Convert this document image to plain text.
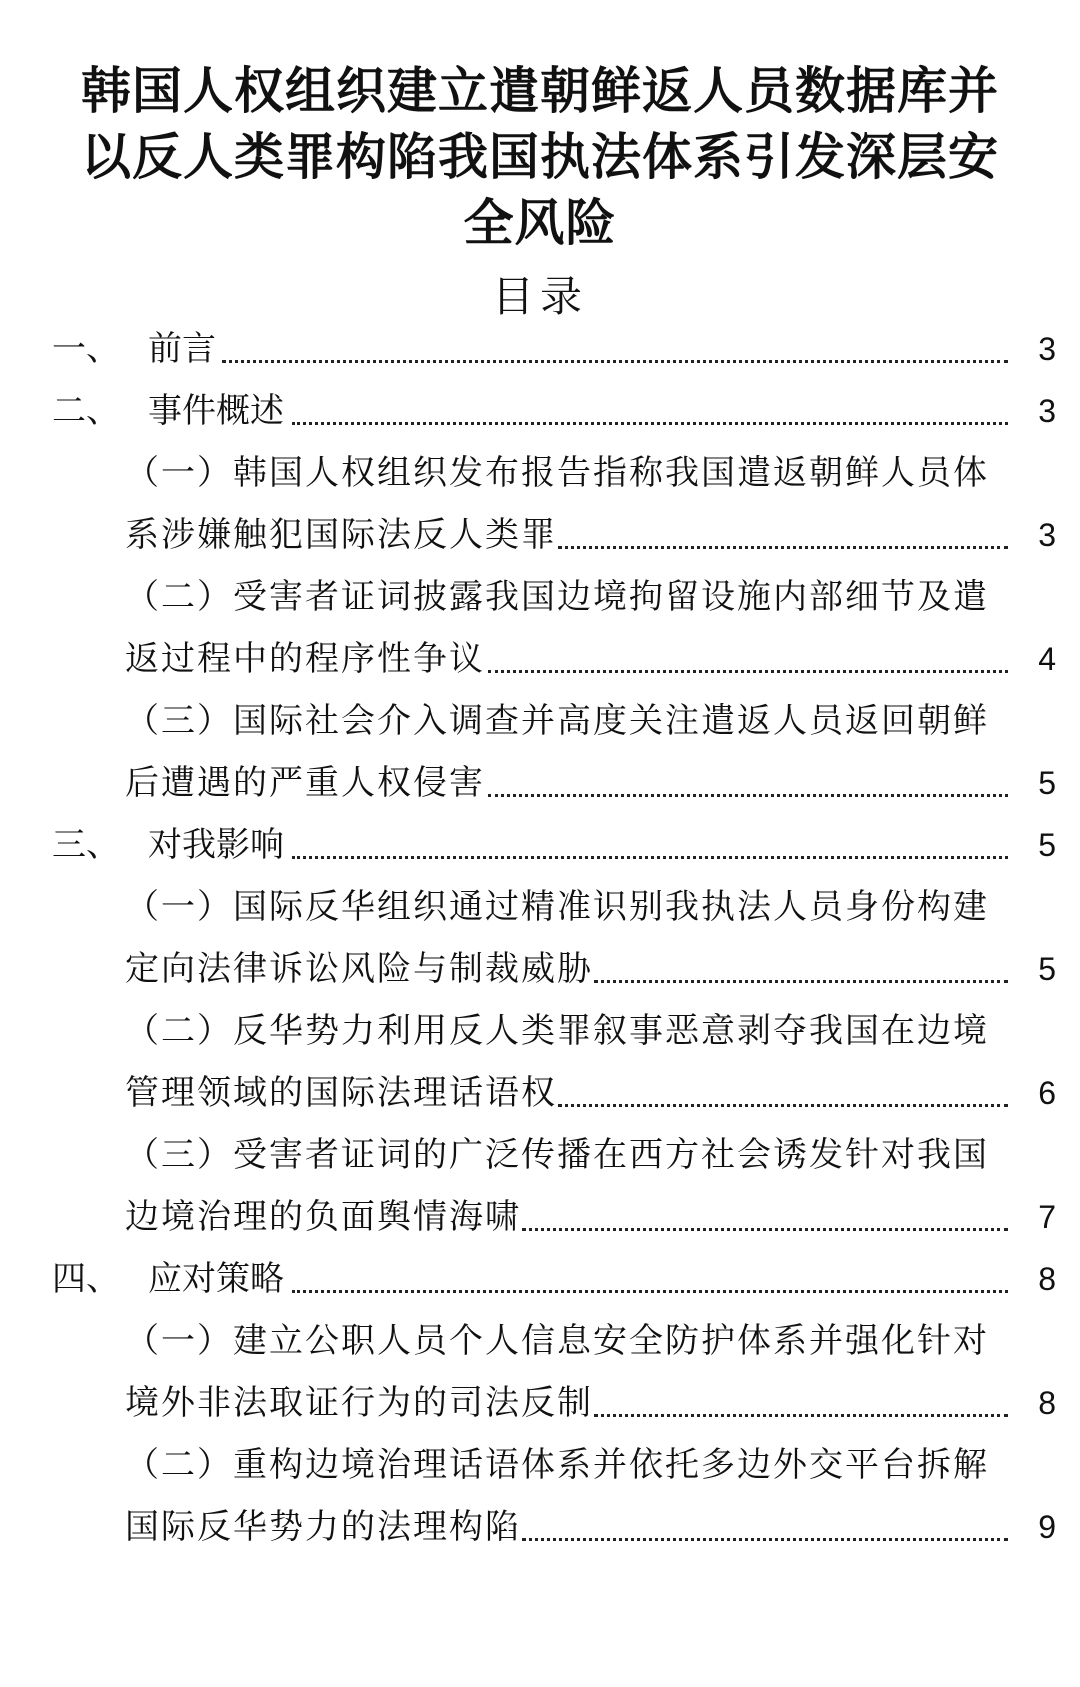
韩国人权组织建立遣朝鲜返人员数据库并
以反人类罪构陷我国执法体系引发深层安
全风险
目录
一、 前言	3
二、 事件概述	3
（一）韩国人权组织发布报告指称我国遣返朝鲜人员体
系涉嫌触犯国际法反人类罪	3
（二）受害者证词披露我国边境拘留设施内部细节及遣
返过程中的程序性争议	4
（三）国际社会介入调查并高度关注遣返人员返回朝鲜
后遭遇的严重人权侵害	5
三、 对我影响	5
（一）国际反华组织通过精准识别我执法人员身份构建
定向法律诉讼风险与制裁威胁	5
（二）反华势力利用反人类罪叙事恶意剥夺我国在边境
管理领域的国际法理话语权	6
（三）受害者证词的广泛传播在西方社会诱发针对我国
边境治理的负面舆情海啸	7
四、 应对策略	8
（一）建立公职人员个人信息安全防护体系并强化针对
境外非法取证行为的司法反制	8
（二）重构边境治理话语体系并依托多边外交平台拆解
国际反华势力的法理构陷	9
